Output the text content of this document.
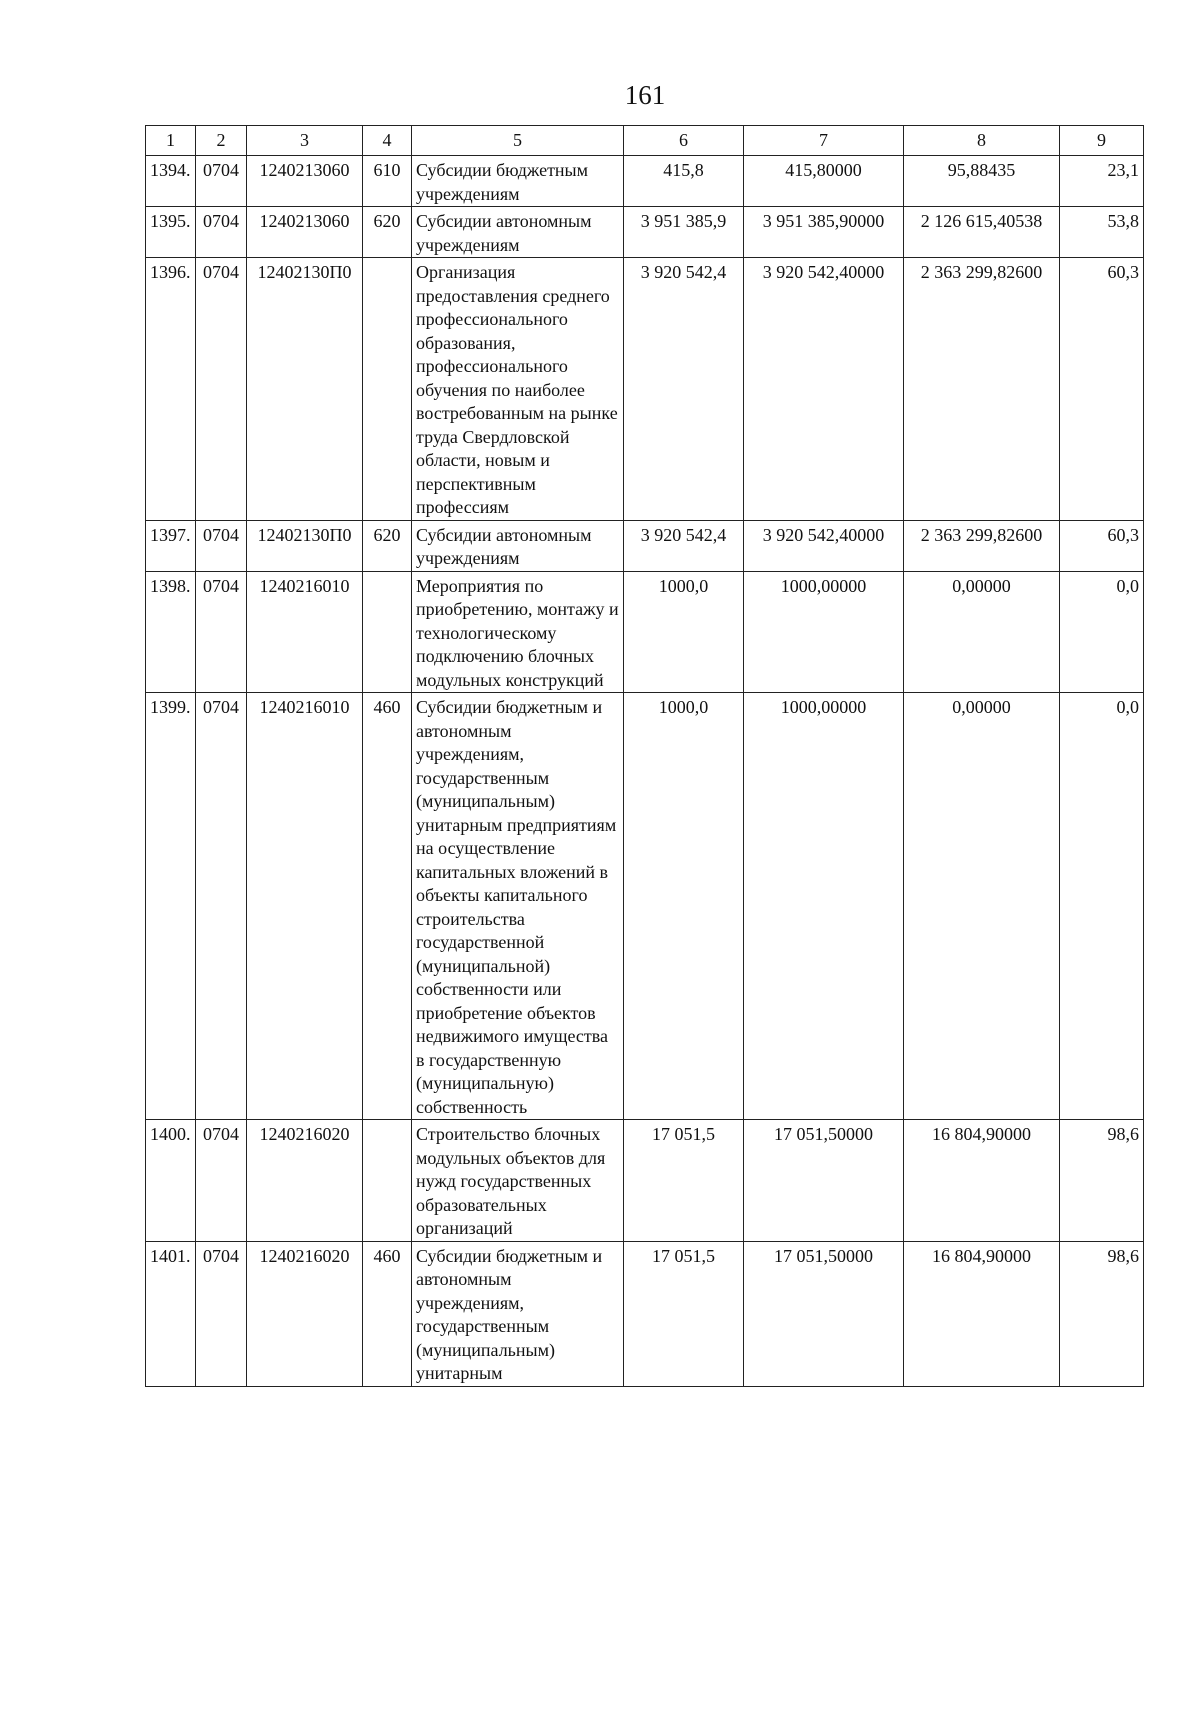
161
1	2	3	4	5	6	7	8	9
1394.	0704	1240213060	610	Субсидии бюджетным учреждениям	415,8	415,80000	95,88435	23,1
1395.	0704	1240213060	620	Субсидии автономным учреждениям	3 951 385,9	3 951 385,90000	2 126 615,40538	53,8
1396.	0704	12402130П0		Организация предоставления среднего профессионального образования, профессионального обучения по наиболее востребованным на рынке труда Свердловской области, новым и перспективным профессиям	3 920 542,4	3 920 542,40000	2 363 299,82600	60,3
1397.	0704	12402130П0	620	Субсидии автономным учреждениям	3 920 542,4	3 920 542,40000	2 363 299,82600	60,3
1398.	0704	1240216010		Мероприятия по приобретению, монтажу и технологическому подключению блочных модульных конструкций	1000,0	1000,00000	0,00000	0,0
1399.	0704	1240216010	460	Субсидии бюджетным и автономным учреждениям, государственным (муниципальным) унитарным предприятиям на осуществление капитальных вложений в объекты капитального строительства государственной (муниципальной) собственности или приобретение объектов недвижимого имущества в государственную (муниципальную) собственность	1000,0	1000,00000	0,00000	0,0
1400.	0704	1240216020		Строительство блочных модульных объектов для нужд государственных образовательных организаций	17 051,5	17 051,50000	16 804,90000	98,6
1401.	0704	1240216020	460	Субсидии бюджетным и автономным учреждениям, государственным (муниципальным) унитарным	17 051,5	17 051,50000	16 804,90000	98,6
